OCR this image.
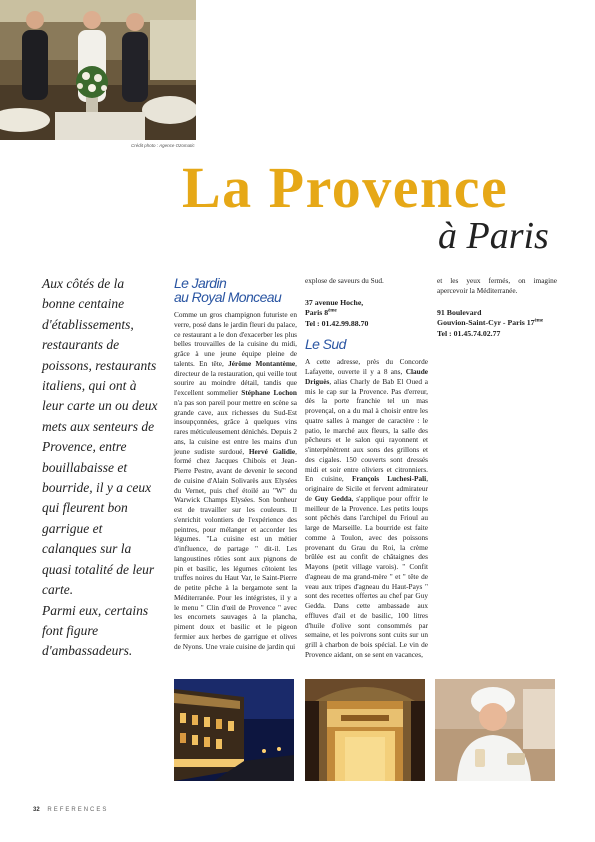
Crédit photo : Agence Ozomatic
La Provence
à Paris

Aux côtés de la bonne centaine d'établissements, restaurants de poissons, restaurants italiens, qui ont à leur carte un ou deux mets aux senteurs de Provence, entre bouillabaisse et bourride, il y a ceux qui fleurent bon garrigue et calanques sur la quasi totalité de leur carte.

Parmi eux, certains font figure d'ambassadeurs.

Le Jardin
au Royal Monceau

Comme un gros champignon futuriste en verre, posé dans le jardin fleuri du palace, ce restaurant a le don d'exacerber les plus belles trouvailles de la cuisine du midi, grâce à une jeune équipe pleine de talents. En tête, Jérôme Montantème, directeur de la restauration, qui veille tout sourire au moindre détail, tandis que l'excellent sommelier Stéphane Lochon n'a pas son pareil pour mettre en scène sa grande cave, aux richesses du Sud-Est insoupçonnées, grâce à quelques vins rares méticuleusement dénichés. Depuis 2 ans, la cuisine est entre les mains d'un jeune sudiste surdoué, Hervé Galidie, formé chez Jacques Chibois et Jean-Pierre Pestre, avant de devenir le second de cuisine d'Alain Solivarès aux Elysées du Vernet, puis chef étoilé au "W" du Warwick Champs Elysées. Son bonheur est de travailler sur les couleurs. Il s'enrichit volontiers de l'expérience des peintres, pour mélanger et accorder les légumes. "La cuisine est un métier d'influence, de partage " dit-il. Les langoustines rôties sont aux pignons de pin et basilic, les légumes côtoient les truffes noires du Haut Var, le Saint-Pierre de petite pêche à la bergamote sent la Méditerranée. Pour les intégristes, il y a le menu " Clin d'œil de Provence " avec les encornets sauvages à la plancha, piment doux et basilic et le pigeon fermier aux herbes de garrigue et olives de Nyons. Une vraie cuisine de jardin qui

explose de saveurs du Sud.

37 avenue Hoche,
Paris 8ème
Tel : 01.42.99.88.70

Le Sud

A cette adresse, près du Concorde Lafayette, ouverte il y a 8 ans, Claude Driguès, alias Charly de Bab El Oued a mis le cap sur la Provence. Pas d'erreur, dès la porte franchie tel un mas provençal, on a du mal à choisir entre les quatre salles à manger de caractère : le patio, le marché aux fleurs, la salle des pêcheurs et le salon qui rayonnent et s'interpénètrent aux sons des grillons et des cigales. 150 couverts sont dressés midi et soir entre oliviers et citronniers. En cuisine, François Luchesi-Pali, originaire de Sicile et fervent admirateur de Guy Gedda, s'applique pour offrir le meilleur de la Provence. Les petits loups sont pêchés dans l'archipel du Frioul au large de Marseille. La bourride est faite comme à Toulon, avec des poissons provenant du Grau du Roi, la crème brûlée est au confit de châtaignes des Mayons (petit village varois). " Confit d'agneau de ma grand-mère " et " tête de veau aux tripes d'agneau du Haut-Pays " sont des recettes offertes au chef par Guy Gedda. Dans cette ambassade aux effluves d'ail et de basilic, 100 litres d'huile d'olive sont consommés par semaine, et les poivrons sont cuits sur un grill à charbon de bois spécial. Le vin de Provence aidant, on se sent en vacances,

et les yeux fermés, on imagine apercevoir la Méditerranée.

91 Boulevard
Gouvion-Saint-Cyr - Paris 17ème
Tel : 01.45.74.02.77

32 REFERENCES
